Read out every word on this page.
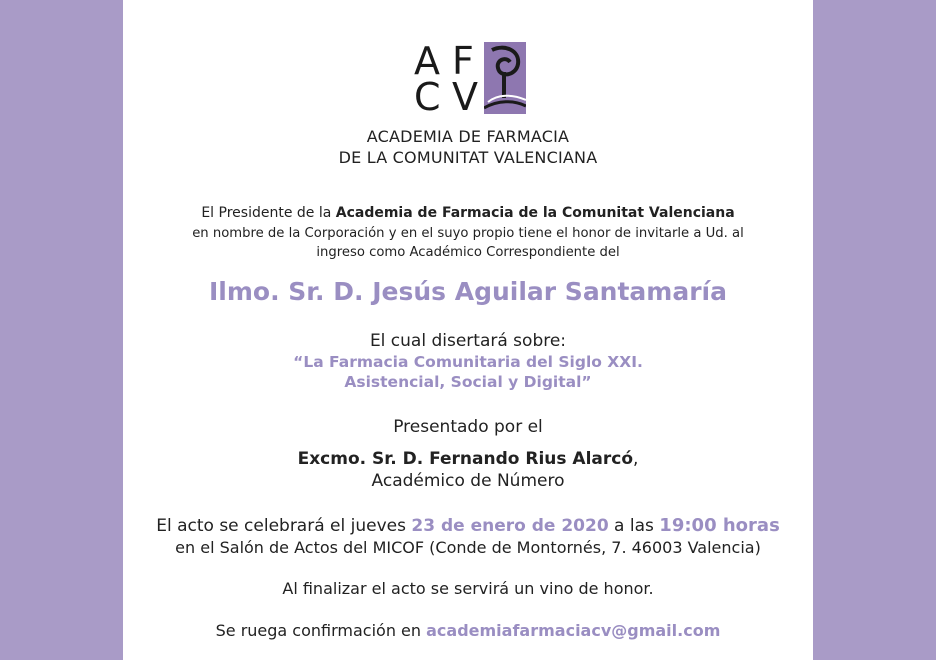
A F
C V
ACADEMIA DE FARMACIA
DE LA COMUNITAT VALENCIANA
El Presidente de la Academia de Farmacia de la Comunitat Valenciana
en nombre de la Corporación y en el suyo propio tiene el honor de invitarle a Ud. al
ingreso como Académico Correspondiente del
Ilmo. Sr. D. Jesús Aguilar Santamaría
El cual disertará sobre:
“La Farmacia Comunitaria del Siglo XXI.
Asistencial, Social y Digital”
Presentado por el
Excmo. Sr. D. Fernando Rius Alarcó,
Académico de Número
El acto se celebrará el jueves 23 de enero de 2020 a las 19:00 horas
en el Salón de Actos del MICOF (Conde de Montornés, 7. 46003 Valencia)
Al finalizar el acto se servirá un vino de honor.
Se ruega confirmación en academiafarmaciacv@gmail.com
